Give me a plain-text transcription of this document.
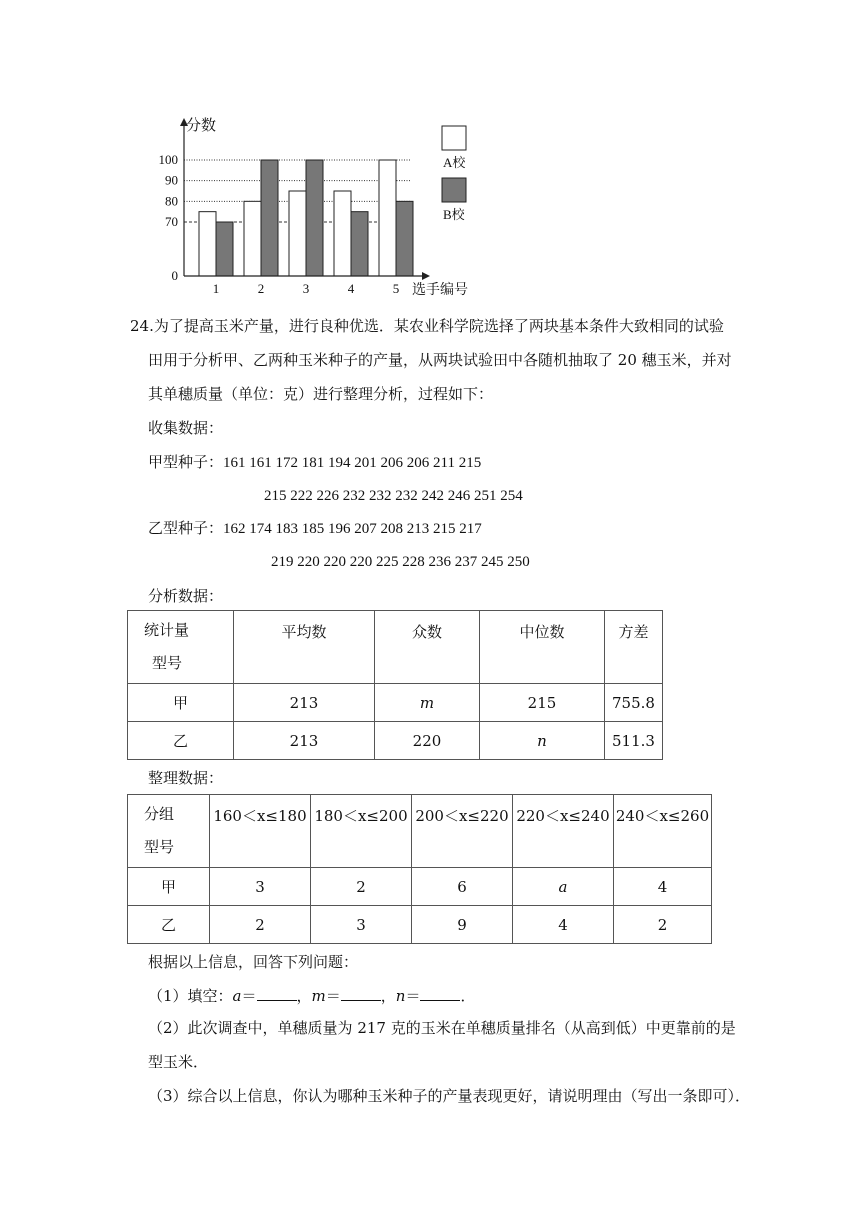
0
70
80
90
100
1	2	3	4	5
分数
选手编号
A校
B校
24.为了提高玉米产量，进行良种优选．某农业科学院选择了两块基本条件大致相同的试验
田用于分析甲、乙两种玉米种子的产量，从两块试验田中各随机抽取了 20 穗玉米，并对
其单穗质量（单位：克）进行整理分析，过程如下：
收集数据：
甲型种子：161 161 172 181 194 201 206 206 211 215
215 222 226 232 232 232 242 246 251 254
乙型种子：162 174 183 185 196 207 208 213 215 217
219 220 220 220 225 228 236 237 245 250
分析数据：
统计量
型号	平均数	众数	中位数	方差
甲	213	m	215	755.8
乙	213	220	n	511.3
整理数据：
分组
型号	160＜x≤180	180＜x≤200	200＜x≤220	220＜x≤240	240＜x≤260
甲	3	2	6	a	4
乙	2	3	9	4	2
根据以上信息，回答下列问题：
（1）填空：a＝	，m＝	，n＝	．
（2）此次调查中，单穗质量为 217 克的玉米在单穗质量排名（从高到低）中更靠前的是
型玉米．
（3）综合以上信息，你认为哪种玉米种子的产量表现更好，请说明理由（写出一条即可）．
